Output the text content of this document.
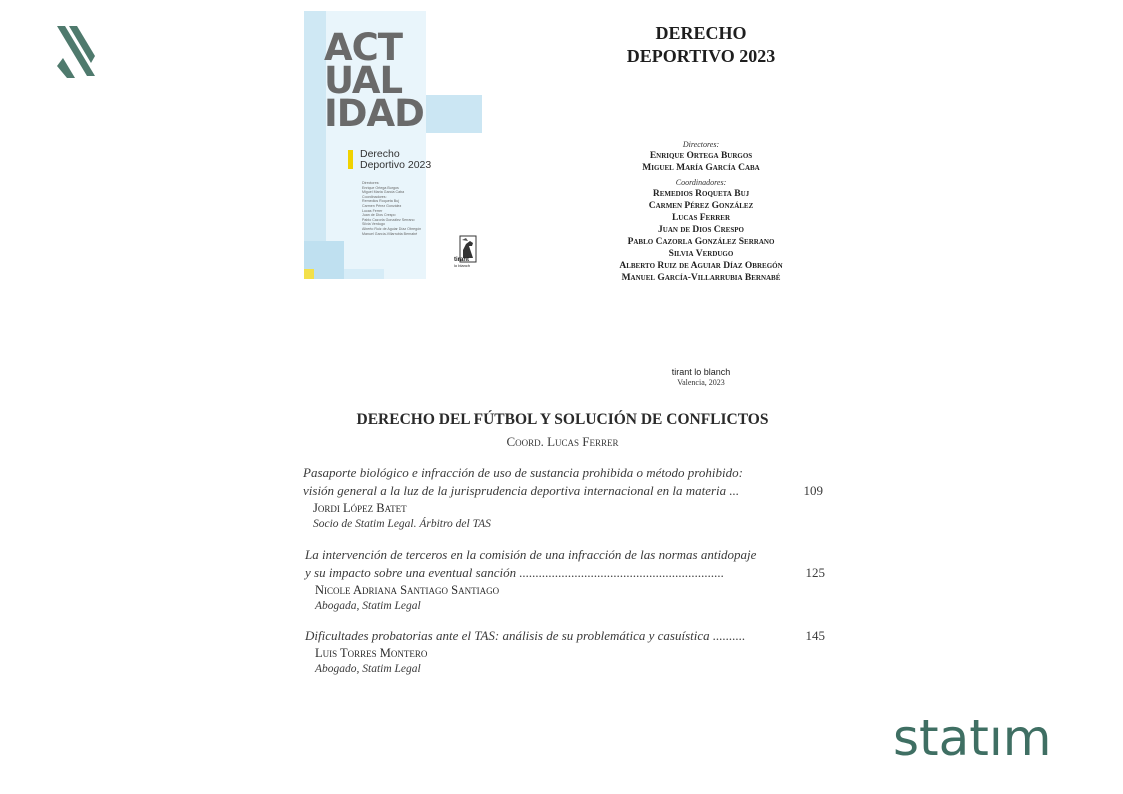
ACT
UAL
IDAD
Derecho
Deportivo 2023
Directores:
Enrique Ortega Burgos
Miguel María García Caba
Coordinadores:
Remedios Roqueta Buj
Carmen Pérez González
Lucas Ferrer
Juan de Dios Crespo
Pablo Cazorla González Serrano
Silvia Verdugo
Alberto Ruiz de Aguiar Díaz Obregón
Manuel García-Villarrubia Bernabé
tirant
lo blanch
DERECHO
DEPORTIVO 2023
Directores:
Enrique Ortega Burgos
Miguel María García Caba
Coordinadores:
Remedios Roqueta Buj
Carmen Pérez González
Lucas Ferrer
Juan de Dios Crespo
Pablo Cazorla González Serrano
Silvia Verdugo
Alberto Ruiz de Aguiar Díaz Obregón
Manuel García-Villarrubia Bernabé
tirant lo blanch
Valencia, 2023
DERECHO DEL FÚTBOL Y SOLUCIÓN DE CONFLICTOS
Coord. Lucas Ferrer
Pasaporte biológico e infracción de uso de sustancia prohibida o método prohibido:
visión general a la luz de la jurisprudencia deportiva internacional en la materia ...	109
Jordi López Batet
Socio de Statim Legal. Árbitro del TAS
La intervención de terceros en la comisión de una infracción de las normas antidopaje
y su impacto sobre una eventual sanción ...............................................................	125
Nicole Adriana Santiago Santiago
Abogada, Statim Legal
Dificultades probatorias ante el TAS: análisis de su problemática y casuística ..........	145
Luis Torres Montero
Abogado, Statim Legal
statım
